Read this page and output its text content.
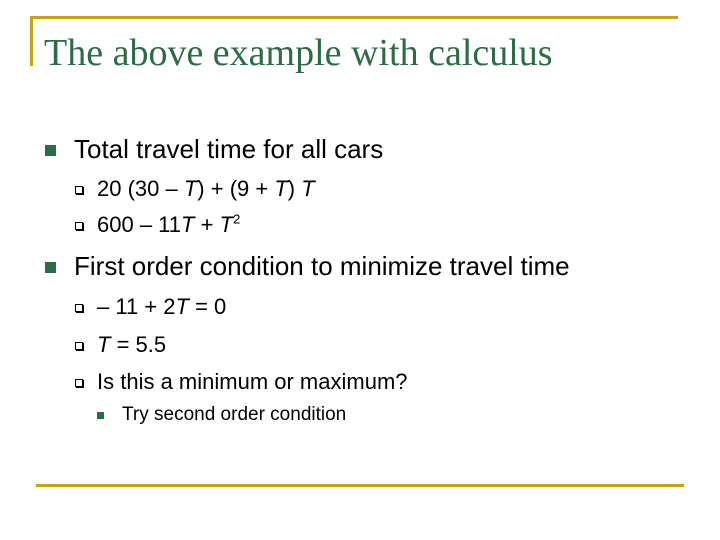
The above example with calculus
Total travel time for all cars
20 (30 – T) + (9 + T) T
$600 - 11T + T^2$
First order condition to minimize travel time
– 11 + 2T = 0
T = 5.5
Is this a minimum or maximum?
Try second order condition
